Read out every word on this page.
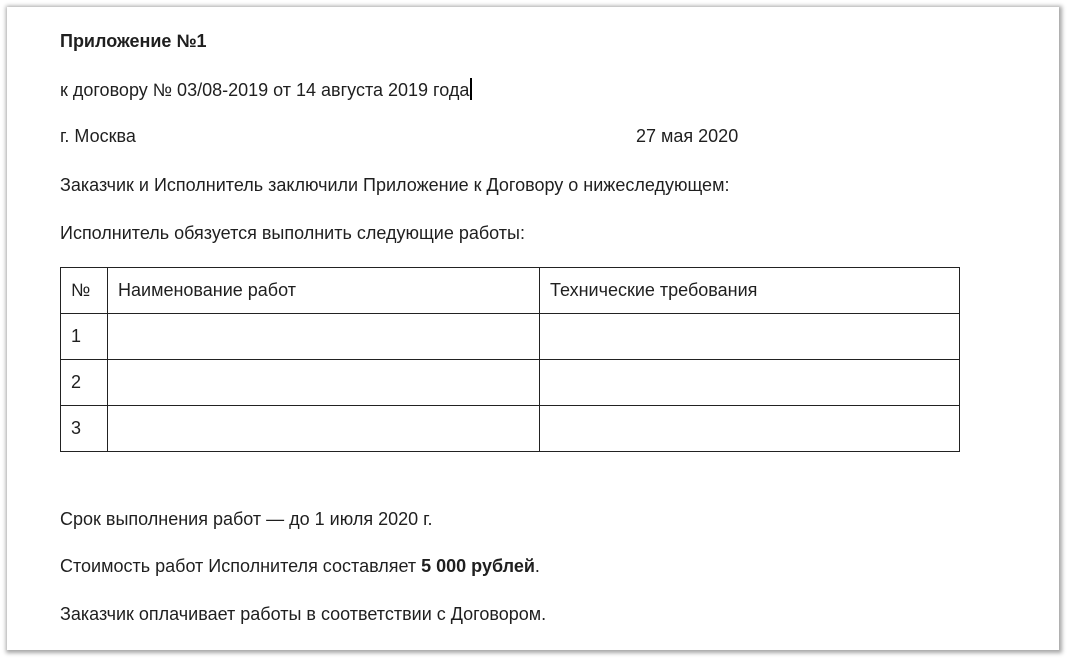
Приложение №1
к договору № 03/08-2019 от 14 августа 2019 года
г. Москва	27 мая 2020
Заказчик и Исполнитель заключили Приложение к Договору о нижеследующем:
Исполнитель обязуется выполнить следующие работы:
№	Наименование работ	Технические требования
1		
2		
3		
Срок выполнения работ — до 1 июля 2020 г.
Стоимость работ Исполнителя составляет 5 000 рублей.
Заказчик оплачивает работы в соответствии с Договором.
